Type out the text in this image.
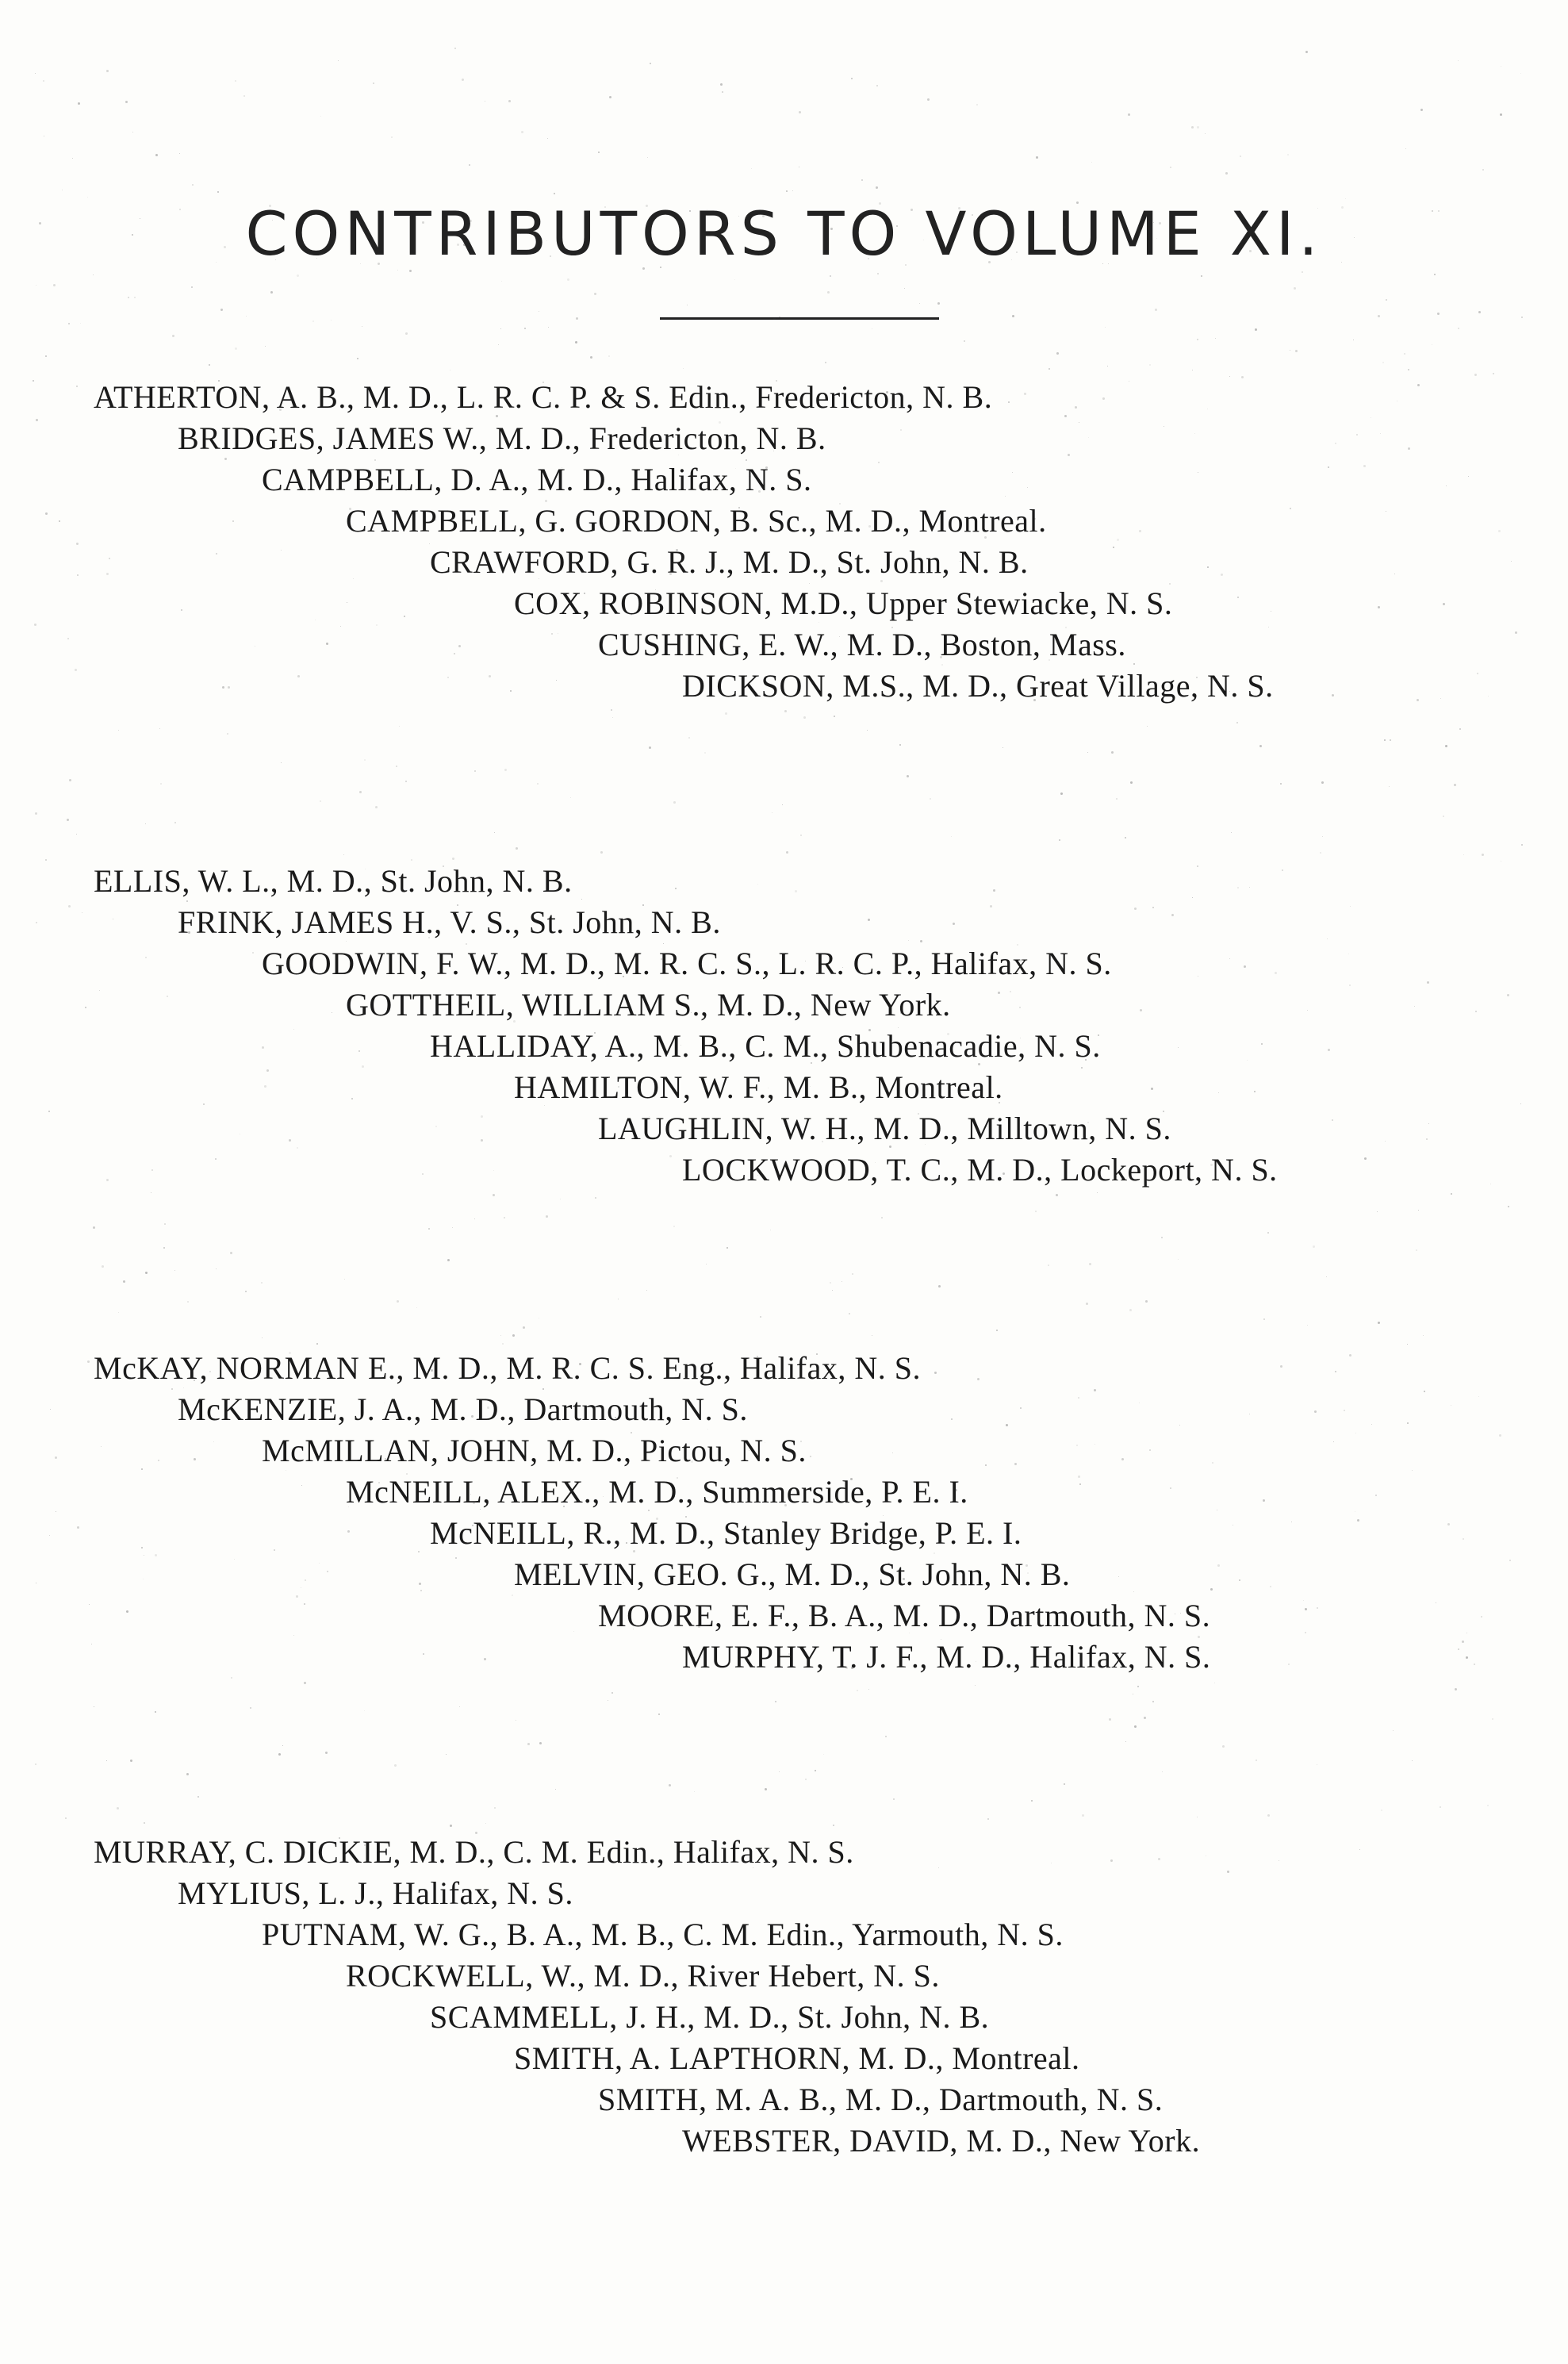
CONTRIBUTORS TO VOLUME XI.
ATHERTON, A. B., M. D., L. R. C. P. & S. Edin., Fredericton, N. B.
BRIDGES, JAMES W., M. D., Fredericton, N. B.
CAMPBELL, D. A., M. D., Halifax, N. S.
CAMPBELL, G. GORDON, B. Sc., M. D., Montreal.
CRAWFORD, G. R. J., M. D., St. John, N. B.
COX, ROBINSON, M.D., Upper Stewiacke, N. S.
CUSHING, E. W., M. D., Boston, Mass.
DICKSON, M.S., M. D., Great Village, N. S.
ELLIS, W. L., M. D., St. John, N. B.
FRINK, JAMES H., V. S., St. John, N. B.
GOODWIN, F. W., M. D., M. R. C. S., L. R. C. P., Halifax, N. S.
GOTTHEIL, WILLIAM S., M. D., New York.
HALLIDAY, A., M. B., C. M., Shubenacadie, N. S.
HAMILTON, W. F., M. B., Montreal.
LAUGHLIN, W. H., M. D., Milltown, N. S.
LOCKWOOD, T. C., M. D., Lockeport, N. S.
McKAY, NORMAN E., M. D., M. R. C. S. Eng., Halifax, N. S.
McKENZIE, J. A., M. D., Dartmouth, N. S.
McMILLAN, JOHN, M. D., Pictou, N. S.
McNEILL, ALEX., M. D., Summerside, P. E. I.
McNEILL, R., M. D., Stanley Bridge, P. E. I.
MELVIN, GEO. G., M. D., St. John, N. B.
MOORE, E. F., B. A., M. D., Dartmouth, N. S.
MURPHY, T. J. F., M. D., Halifax, N. S.
MURRAY, C. DICKIE, M. D., C. M. Edin., Halifax, N. S.
MYLIUS, L. J., Halifax, N. S.
PUTNAM, W. G., B. A., M. B., C. M. Edin., Yarmouth, N. S.
ROCKWELL, W., M. D., River Hebert, N. S.
SCAMMELL, J. H., M. D., St. John, N. B.
SMITH, A. LAPTHORN, M. D., Montreal.
SMITH, M. A. B., M. D., Dartmouth, N. S.
WEBSTER, DAVID, M. D., New York.
